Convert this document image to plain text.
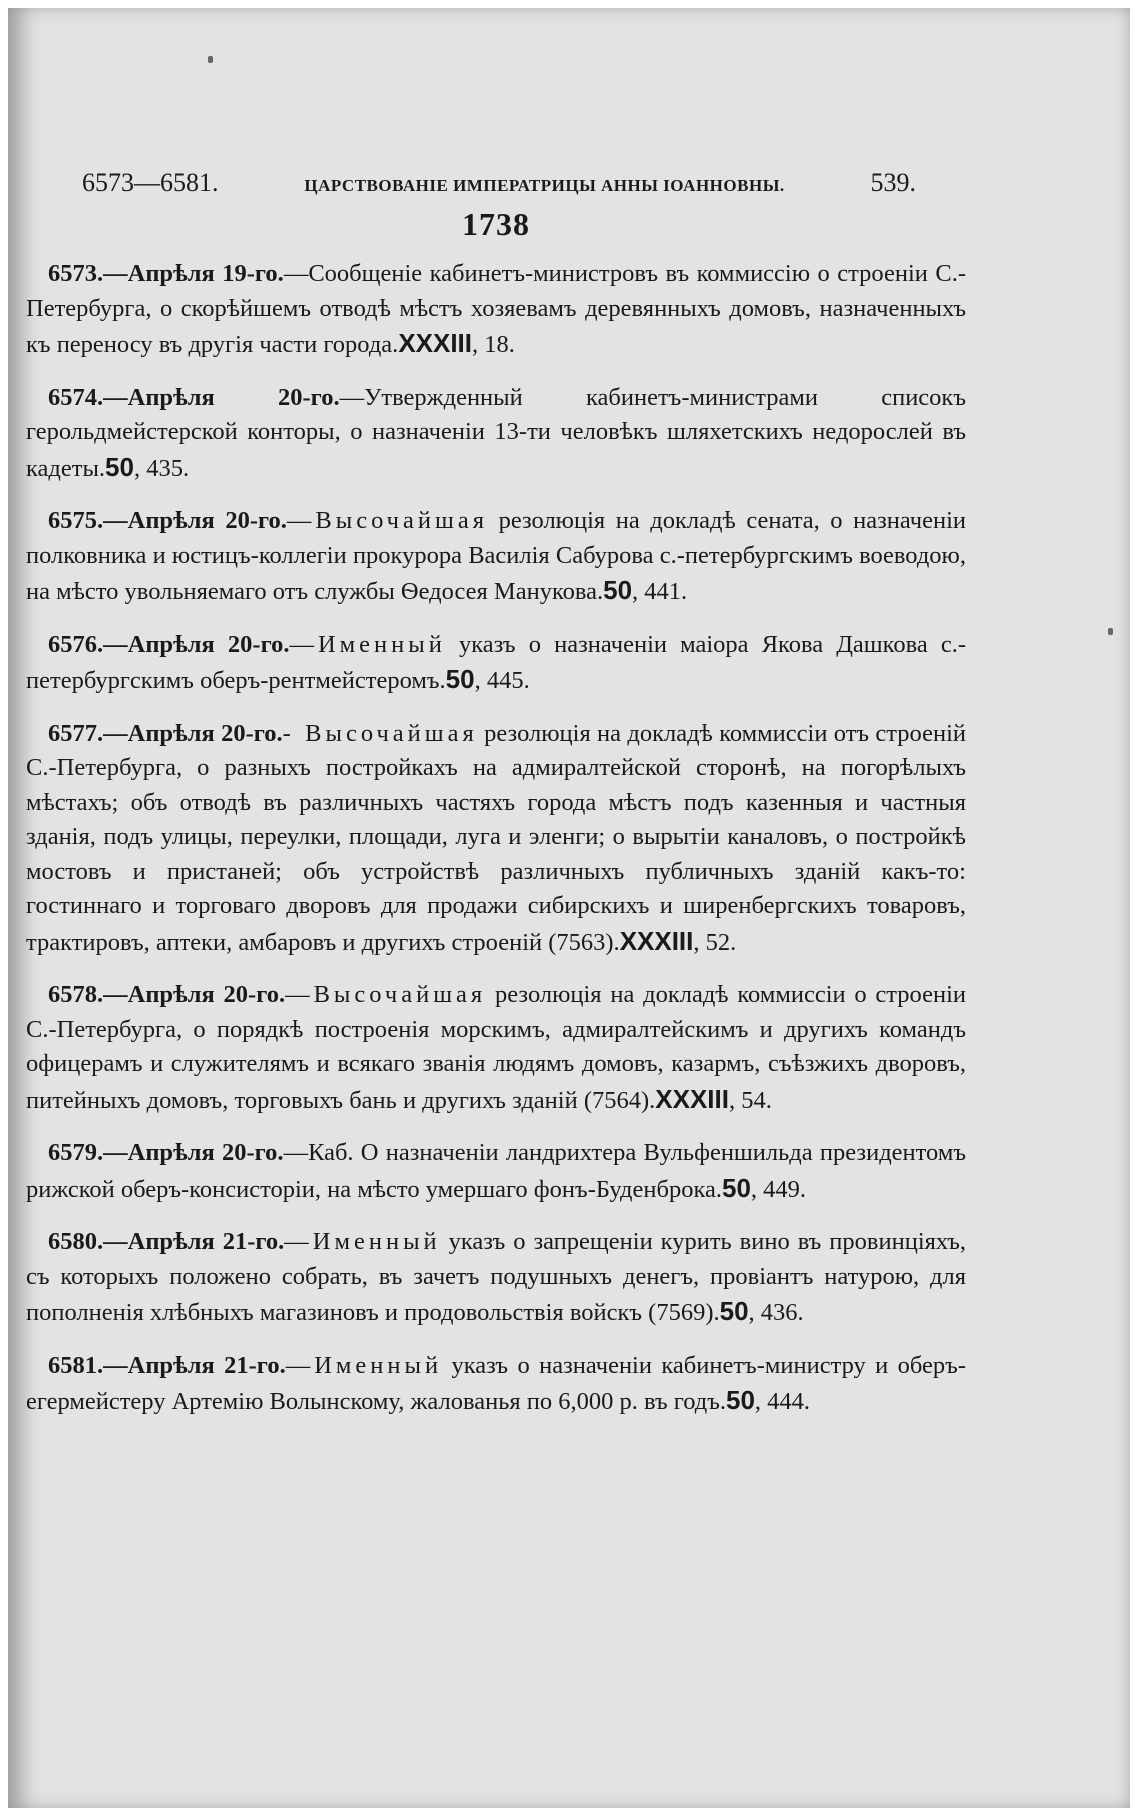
6573—6581.	ЦАРСТВОВАНІЕ ИМПЕРАТРИЦЫ АННЫ ІОАННОВНЫ.	539.
1738

6573.—Апрѣля 19-го.—Сообщеніе кабинетъ-министровъ въ коммиссію о строеніи С.-Петербурга, о скорѣйшемъ отводѣ мѣстъ хозяевамъ деревянныхъ домовъ, назначенныхъ къ переносу въ другія части города.XXXIII, 18.

6574.—Апрѣля 20-го.—Утвержденный кабинетъ-министрами списокъ герольдмейстерской конторы, о назначеніи 13-ти человѣкъ шляхетскихъ недорослей въ кадеты.50, 435.

6575.—Апрѣля 20-го.—Высочайшая резолюція на докладѣ сената, о назначеніи полковника и юстицъ-коллегіи прокурора Василія Сабурова с.-петербургскимъ воеводою, на мѣсто увольняемаго отъ службы Ѳедосея Манукова.50, 441.

6576.—Апрѣля 20-го.—Именный указъ о назначеніи маіора Якова Дашкова с.-петербургскимъ оберъ-рентмейстеромъ.50, 445.

6577.—Апрѣля 20-го.- Высочайшая резолюція на докладѣ коммиссіи отъ строеній С.-Петербурга, о разныхъ постройкахъ на адмиралтейской сторонѣ, на погорѣлыхъ мѣстахъ; объ отводѣ въ различныхъ частяхъ города мѣстъ подъ казенныя и частныя зданія, подъ улицы, переулки, площади, луга и эленги; о вырытіи каналовъ, о постройкѣ мостовъ и пристаней; объ устройствѣ различныхъ публичныхъ зданій какъ-то: гостиннаго и торговаго дворовъ для продажи сибирскихъ и ширенбергскихъ товаровъ, трактировъ, аптеки, амбаровъ и другихъ строеній (7563).XXXIII, 52.

6578.—Апрѣля 20-го.—Высочайшая резолюція на докладѣ коммиссіи о строеніи С.-Петербурга, о порядкѣ построенія морскимъ, адмиралтейскимъ и другихъ командъ офицерамъ и служителямъ и всякаго званія людямъ домовъ, казармъ, съѣзжихъ дворовъ, питейныхъ домовъ, торговыхъ бань и другихъ зданій (7564).XXXIII, 54.

6579.—Апрѣля 20-го.—Каб. О назначеніи ландрихтера Вульфеншильда президентомъ рижской оберъ-консисторіи, на мѣсто умершаго фонъ-Буденброка.50, 449.

6580.—Апрѣля 21-го.—Именный указъ о запрещеніи курить вино въ провинціяхъ, съ которыхъ положено собрать, въ зачетъ подушныхъ денегъ, провіантъ натурою, для пополненія хлѣбныхъ магазиновъ и продовольствія войскъ (7569).50, 436.

6581.—Апрѣля 21-го.—Именный указъ о назначеніи кабинетъ-министру и оберъ-егермейстеру Артемію Волынскому, жалованья по 6,000 р. въ годъ.50, 444.
